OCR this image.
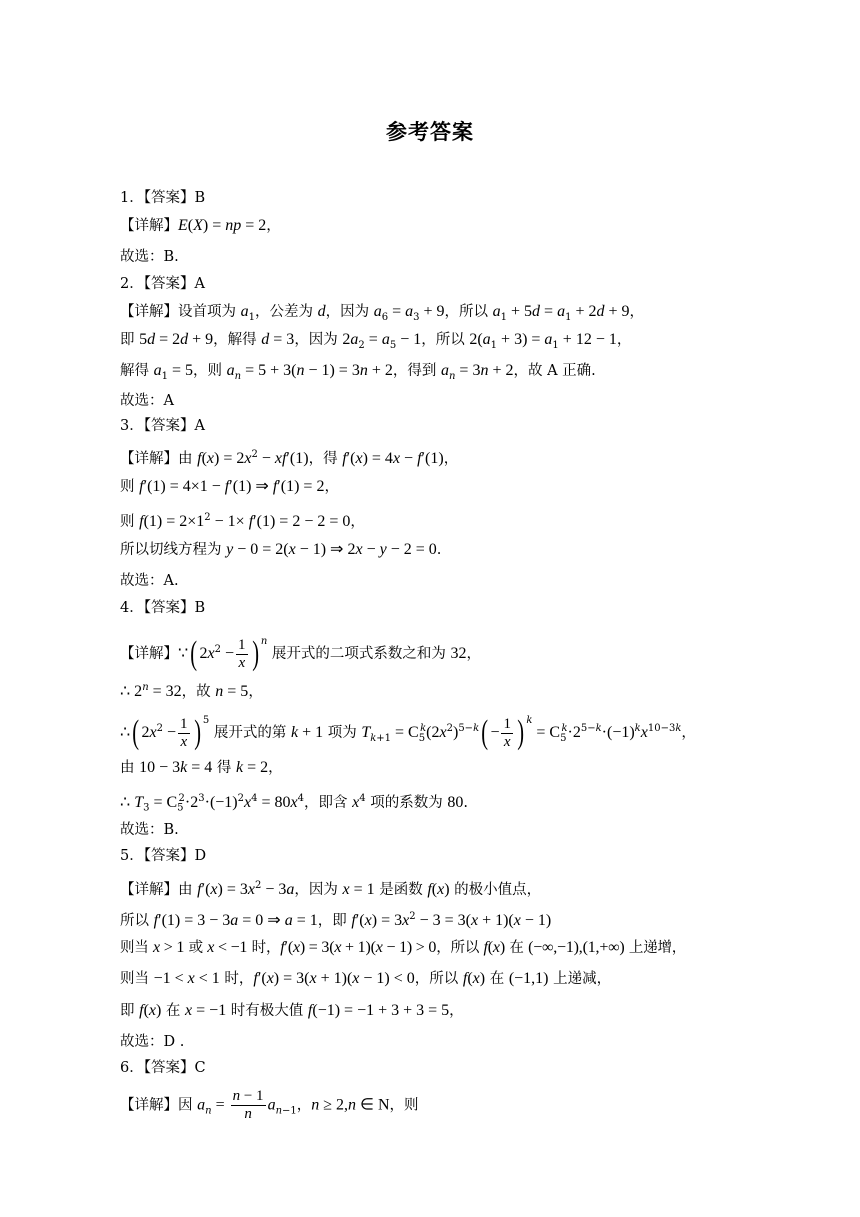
参考答案
1．【答案】B
【详解】E(X) = np = 2，
故选：B.
2．【答案】A
【详解】设首项为 $a_1$，公差为 d，因为 $a_6 = a_3 + 9$，所以 $a_1 + 5d = a_1 + 2d + 9$，
即 5d = 2d + 9，解得 d = 3，因为 $2a_2 = a_5 - 1$，所以 $2(a_1 + 3) = a_1 + 12 - 1$，
解得 $a_1 = 5$，则 $a_n = 5 + 3(n - 1) = 3n + 2$，得到 $a_n = 3n + 2$，故 A 正确.
故选：A
3．【答案】A
【详解】由 $f(x) = 2x^2 - xf'(1)$，得 f′(x) = 4x − f′(1)，
则 f′(1) = 4×1 − f′(1) ⇒ f′(1) = 2，
则 $f(1) = 2\times 1^2 - 1\times f'(1) = 2 - 2 = 0$，
所以切线方程为 y − 0 = 2(x − 1) ⇒ 2x − y − 2 = 0.
故选：A.
4．【答案】B
【详解】∵( $2x^2 - \frac{1}{x}$ ) $^n$ 展开式的二项式系数之和为 32，
∴ $2^n = 32$，故 n = 5，
∴( $2x^2 - \frac{1}{x}$ ) $^5$ 展开式的第 k + 1 项为 $T_{k+1} = C_5^k(2x^2)^{5-k}( - \frac{1}{x}$ ) $^k = C_5^k\cdot 2^{5-k}\cdot(-1)^kx^{10-3k}$，
由 10 − 3k = 4 得 k = 2，
∴ $T_3 = C_5^2\cdot 2^3\cdot(-1)^2x^4 = 80x^4$，即含 $x^4$ 项的系数为 80.
故选：B.
5．【答案】D
【详解】由 $f'(x) = 3x^2 - 3a$，因为 x = 1 是函数 f(x) 的极小值点，
所以 f′(1) = 3 − 3a = 0 ⇒ a = 1，即 $f'(x) = 3x^2 - 3 = 3(x + 1)(x - 1)$
则当 x > 1 或 x < −1 时，f′(x) = 3(x + 1)(x − 1) > 0，所以 f(x) 在 (−∞,−1),(1,+∞) 上递增，
则当 −1 < x < 1 时，f′(x) = 3(x + 1)(x − 1) < 0，所以 f(x) 在 (−1,1) 上递减，
即 f(x) 在 x = −1 时有极大值 f(−1) = −1 + 3 + 3 = 5，
故选：D .
6．【答案】C
【详解】因 $a_n = \frac{n - 1}{n} a_{n-1}$，n ≥ 2,n ∈ N，则
